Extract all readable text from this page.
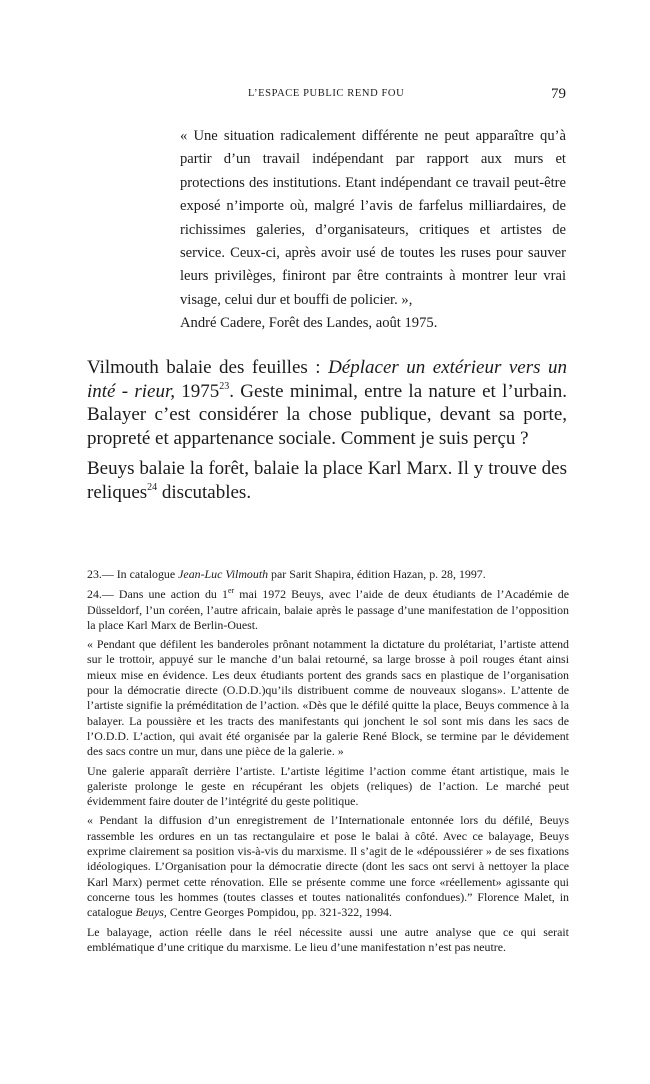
L’ESPACE PUBLIC REND FOU	79

« Une situation radicalement différente ne peut apparaître qu’à partir d’un travail indépendant par rapport aux murs et protections des institutions. Etant indépendant ce travail peut-être exposé n’importe où, malgré l’avis de farfelus milliardaires, de richissimes galeries, d’organisateurs, critiques et artistes de service. Ceux-ci, après avoir usé de toutes les ruses pour sauver leurs privilèges, finiront par être contraints à montrer leur vrai visage, celui dur et bouffi de policier. »,

André Cadere, Forêt des Landes, août 1975.

Vilmouth balaie des feuilles : Déplacer un extérieur vers un inté - rieur, 1975$^{23}$. Geste minimal, entre la nature et l’urbain. Balayer c’est considérer la chose publique, devant sa porte, propreté et appartenance sociale. Comment je suis perçu ?

Beuys balaie la forêt, balaie la place Karl Marx. Il y trouve des reliques$^{24}$ discutables.

23.— In catalogue Jean-Luc Vilmouth par Sarit Shapira, édition Hazan, p. 28, 1997.

24.— Dans une action du 1er mai 1972 Beuys, avec l’aide de deux étudiants de l’Académie de Düsseldorf, l’un coréen, l’autre africain, balaie après le passage d’une manifestation de l’opposition la place Karl Marx de Berlin-Ouest.

« Pendant que défilent les banderoles prônant notamment la dictature du prolétariat, l’artiste attend sur le trottoir, appuyé sur le manche d’un balai retourné, sa large brosse à poil rouges étant ainsi mieux mise en évidence. Les deux étudiants portent des grands sacs en plastique de l’organisation pour la démocratie directe (O.D.D.)qu’ils distribuent comme de nouveaux slogans». L’attente de l’artiste signifie la préméditation de l’action. «Dès que le défilé quitte la place, Beuys commence à la balayer. La poussière et les tracts des manifestants qui jonchent le sol sont mis dans les sacs de l’O.D.D. L’action, qui avait été organisée par la galerie René Block, se termine par le dévidement des sacs contre un mur, dans une pièce de la galerie. »

Une galerie apparaît derrière l’artiste. L’artiste légitime l’action comme étant artistique, mais le galeriste prolonge le geste en récupérant les objets (reliques) de l’action. Le marché peut évidemment faire douter de l’intégrité du geste politique.

« Pendant la diffusion d’un enregistrement de l’Internationale entonnée lors du défilé, Beuys rassemble les ordures en un tas rectangulaire et pose le balai à côté. Avec ce balayage, Beuys exprime clairement sa position vis-à-vis du marxisme. Il s’agit de le «dépoussiérer » de ses fixations idéologiques. L’Organisation pour la démocratie directe (dont les sacs ont servi à nettoyer la place Karl Marx) permet cette rénovation. Elle se présente comme une force «réellement» agissante qui concerne tous les hommes (toutes classes et toutes nationalités confondues).” Florence Malet, in catalogue Beuys, Centre Georges Pompidou, pp. 321-322, 1994.

Le balayage, action réelle dans le réel nécessite aussi une autre analyse que ce qui serait emblématique d’une critique du marxisme. Le lieu d’une manifestation n’est pas neutre.
